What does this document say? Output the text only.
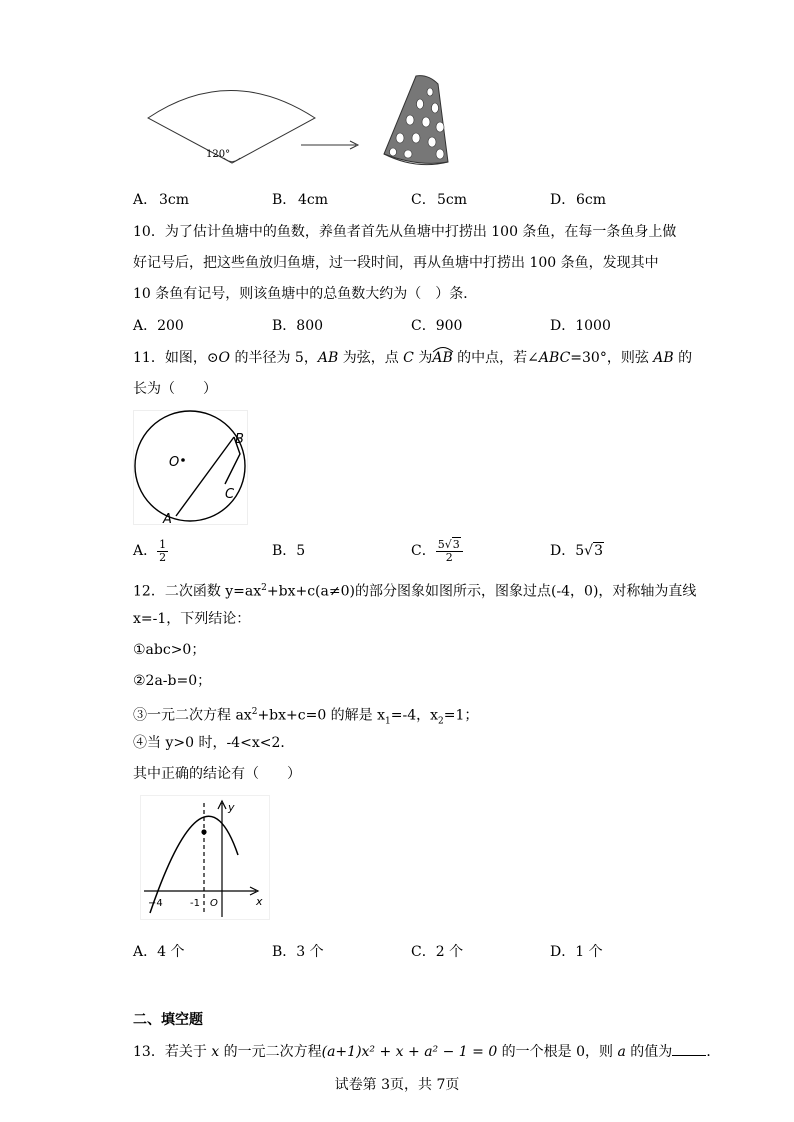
120°
A． 3cm	B． 4cm	C． 5cm	D． 6cm
10．为了估计鱼塘中的鱼数，养鱼者首先从鱼塘中打捞出 100 条鱼，在每一条鱼身上做
好记号后，把这些鱼放归鱼塘，过一段时间，再从鱼塘中打捞出 100 条鱼，发现其中
10 条鱼有记号，则该鱼塘中的总鱼数大约为（　）条．
A．200	B．800	C．900	D．1000
11．如图，⊙O 的半径为 5，AB 为弦，点 C 为
AB 的中点，若∠ABC=30°，则弦 AB 的
长为（　　）
O
B
C
A
A． $\frac{1}{2}$	B．5	C． $\frac{5√3}{2}$	D．5√3
12．二次函数 $y=ax^2+bx+c(a\ne 0)$的部分图象如图所示，图象过点(-4，0)，对称轴为直线
x=-1，下列结论：
①abc>0；
②2a-b=0；
③一元二次方程 $ax^2+bx+c=0$ 的解是 $x_1=-4$，$x_2=1$；
④当 y>0 时，-4<x<2．
其中正确的结论有（　　）
y
x
−4	-1 O
A．4 个	B．3 个	C．2 个	D．1 个
二、填空题
13．若关于 x 的一元二次方程(a+1)x² + x + a² − 1 = 0 的一个根是 0，则 a 的值为 ．
试卷第 3页，共 7页
